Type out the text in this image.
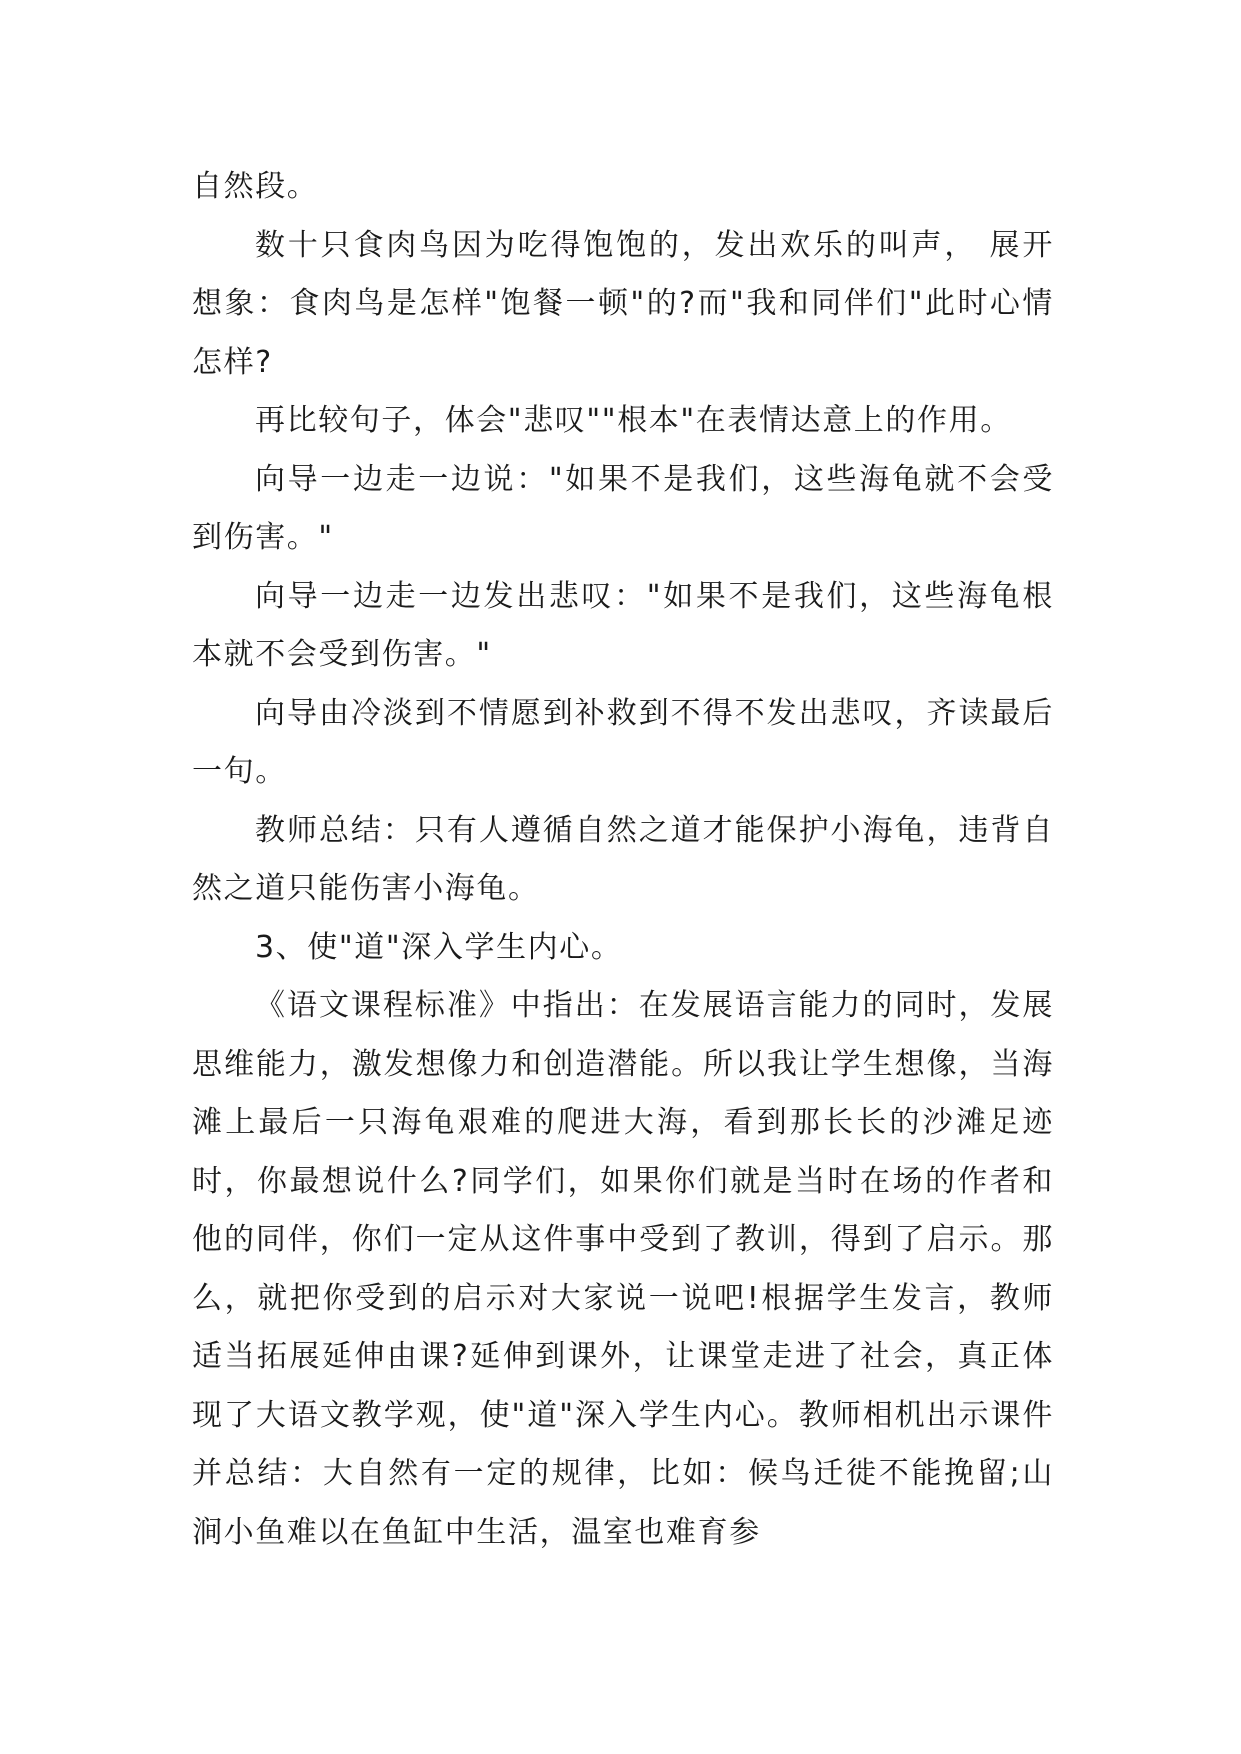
自然段。

数十只食肉鸟因为吃得饱饱的，发出欢乐的叫声， 展开想象：食肉鸟是怎样"饱餐一顿"的?而"我和同伴们"此时心情怎样?

再比较句子，体会"悲叹""根本"在表情达意上的作用。

向导一边走一边说："如果不是我们，这些海龟就不会受到伤害。"

向导一边走一边发出悲叹："如果不是我们，这些海龟根本就不会受到伤害。"

向导由冷淡到不情愿到补救到不得不发出悲叹，齐读最后一句。

教师总结：只有人遵循自然之道才能保护小海龟，违背自然之道只能伤害小海龟。

3、使"道"深入学生内心。

《语文课程标准》中指出：在发展语言能力的同时，发展思维能力，激发想像力和创造潜能。所以我让学生想像，当海滩上最后一只海龟艰难的爬进大海，看到那长长的沙滩足迹时，你最想说什么?同学们，如果你们就是当时在场的作者和他的同伴，你们一定从这件事中受到了教训，得到了启示。那么，就把你受到的启示对大家说一说吧!根据学生发言，教师适当拓展延伸由课?延伸到课外，让课堂走进了社会，真正体现了大语文教学观，使"道"深入学生内心。教师相机出示课件并总结：大自然有一定的规律，比如：候鸟迁徙不能挽留;山涧小鱼难以在鱼缸中生活，温室也难育参
